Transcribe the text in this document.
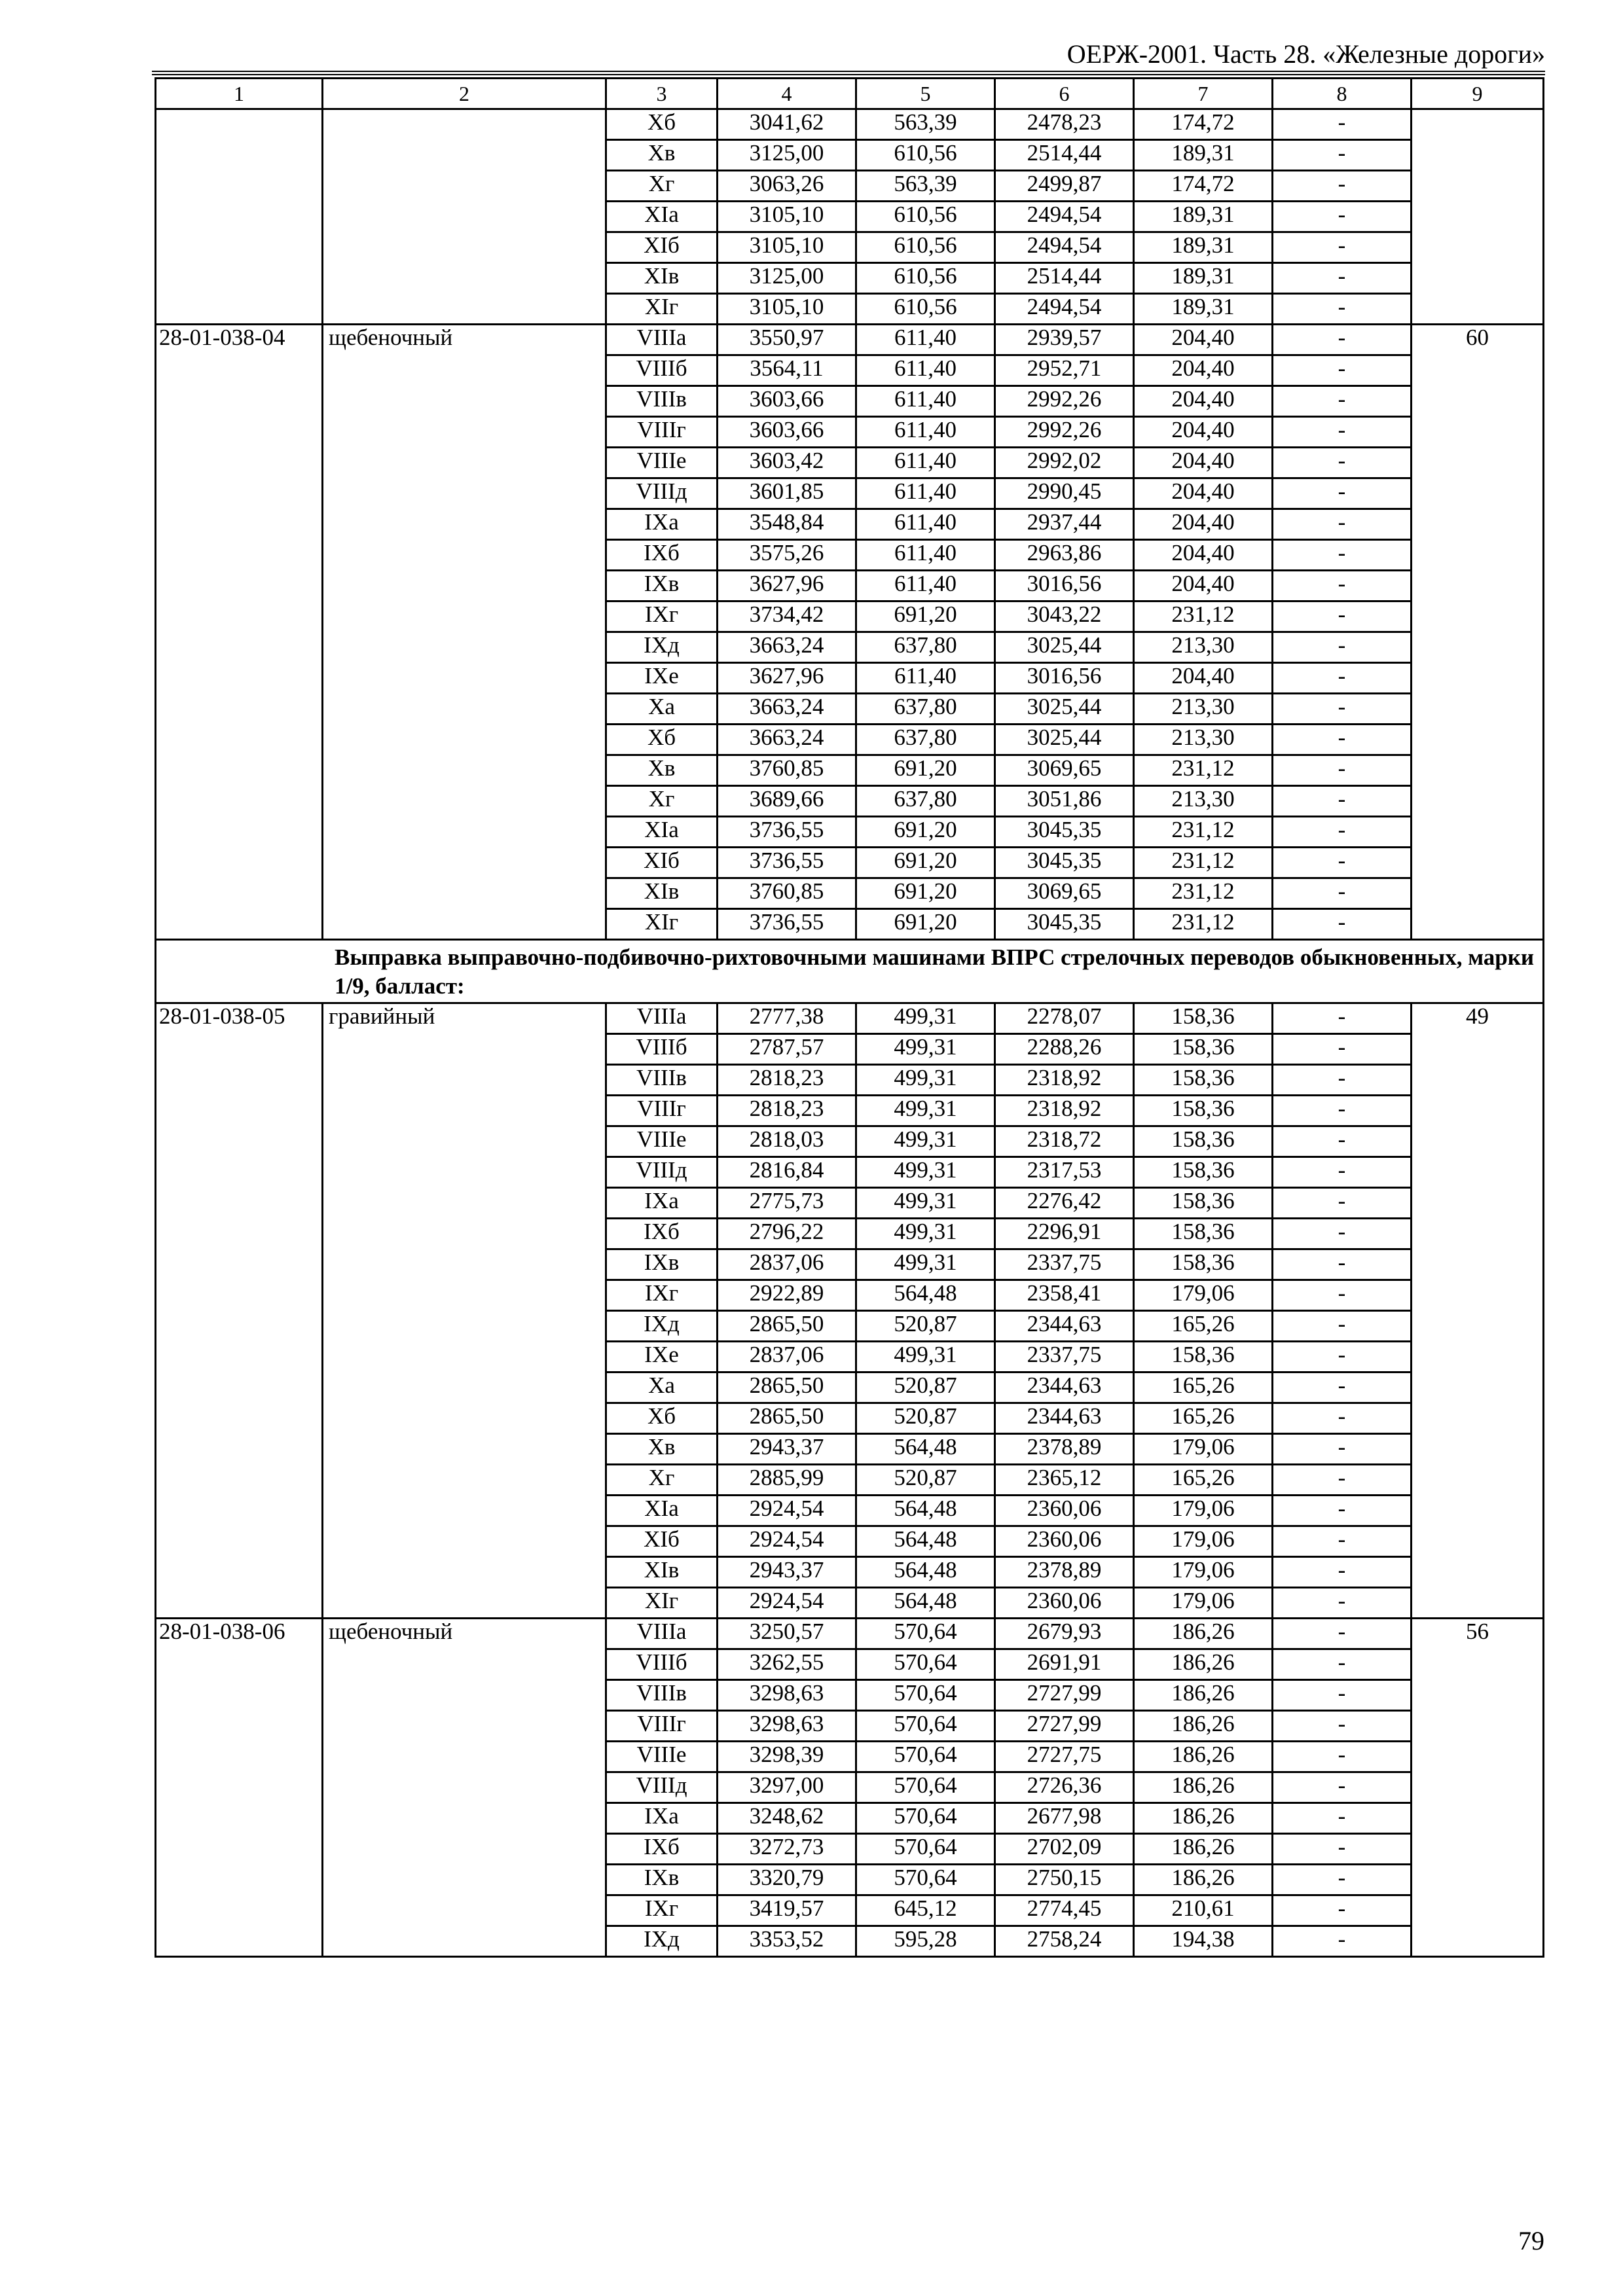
ОЕРЖ-2001. Часть 28. «Железные дороги»
1	2	3	4	5	6	7	8	9
		Xб	3041,62	563,39	2478,23	174,72	-	
		Xв	3125,00	610,56	2514,44	189,31	-	
		Xг	3063,26	563,39	2499,87	174,72	-	
		XIа	3105,10	610,56	2494,54	189,31	-	
		XIб	3105,10	610,56	2494,54	189,31	-	
		XIв	3125,00	610,56	2514,44	189,31	-	
		XIг	3105,10	610,56	2494,54	189,31	-	
28-01-038-04	щебеночный	VIIIа	3550,97	611,40	2939,57	204,40	-	60
		VIIIб	3564,11	611,40	2952,71	204,40	-	
		VIIIв	3603,66	611,40	2992,26	204,40	-	
		VIIIг	3603,66	611,40	2992,26	204,40	-	
		VIIIе	3603,42	611,40	2992,02	204,40	-	
		VIIIд	3601,85	611,40	2990,45	204,40	-	
		IXа	3548,84	611,40	2937,44	204,40	-	
		IXб	3575,26	611,40	2963,86	204,40	-	
		IXв	3627,96	611,40	3016,56	204,40	-	
		IXг	3734,42	691,20	3043,22	231,12	-	
		IXд	3663,24	637,80	3025,44	213,30	-	
		IXе	3627,96	611,40	3016,56	204,40	-	
		Xа	3663,24	637,80	3025,44	213,30	-	
		Xб	3663,24	637,80	3025,44	213,30	-	
		Xв	3760,85	691,20	3069,65	231,12	-	
		Xг	3689,66	637,80	3051,86	213,30	-	
		XIа	3736,55	691,20	3045,35	231,12	-	
		XIб	3736,55	691,20	3045,35	231,12	-	
		XIв	3760,85	691,20	3069,65	231,12	-	
		XIг	3736,55	691,20	3045,35	231,12	-	
Выправка выправочно-подбивочно-рихтовочными машинами ВПРС стрелочных переводов обыкновенных, марки 1/9, балласт:								
28-01-038-05	гравийный	VIIIа	2777,38	499,31	2278,07	158,36	-	49
		VIIIб	2787,57	499,31	2288,26	158,36	-	
		VIIIв	2818,23	499,31	2318,92	158,36	-	
		VIIIг	2818,23	499,31	2318,92	158,36	-	
		VIIIе	2818,03	499,31	2318,72	158,36	-	
		VIIIд	2816,84	499,31	2317,53	158,36	-	
		IXа	2775,73	499,31	2276,42	158,36	-	
		IXб	2796,22	499,31	2296,91	158,36	-	
		IXв	2837,06	499,31	2337,75	158,36	-	
		IXг	2922,89	564,48	2358,41	179,06	-	
		IXд	2865,50	520,87	2344,63	165,26	-	
		IXе	2837,06	499,31	2337,75	158,36	-	
		Xа	2865,50	520,87	2344,63	165,26	-	
		Xб	2865,50	520,87	2344,63	165,26	-	
		Xв	2943,37	564,48	2378,89	179,06	-	
		Xг	2885,99	520,87	2365,12	165,26	-	
		XIа	2924,54	564,48	2360,06	179,06	-	
		XIб	2924,54	564,48	2360,06	179,06	-	
		XIв	2943,37	564,48	2378,89	179,06	-	
		XIг	2924,54	564,48	2360,06	179,06	-	
28-01-038-06	щебеночный	VIIIа	3250,57	570,64	2679,93	186,26	-	56
		VIIIб	3262,55	570,64	2691,91	186,26	-	
		VIIIв	3298,63	570,64	2727,99	186,26	-	
		VIIIг	3298,63	570,64	2727,99	186,26	-	
		VIIIе	3298,39	570,64	2727,75	186,26	-	
		VIIIд	3297,00	570,64	2726,36	186,26	-	
		IXа	3248,62	570,64	2677,98	186,26	-	
		IXб	3272,73	570,64	2702,09	186,26	-	
		IXв	3320,79	570,64	2750,15	186,26	-	
		IXг	3419,57	645,12	2774,45	210,61	-	
		IXд	3353,52	595,28	2758,24	194,38	-	
79
